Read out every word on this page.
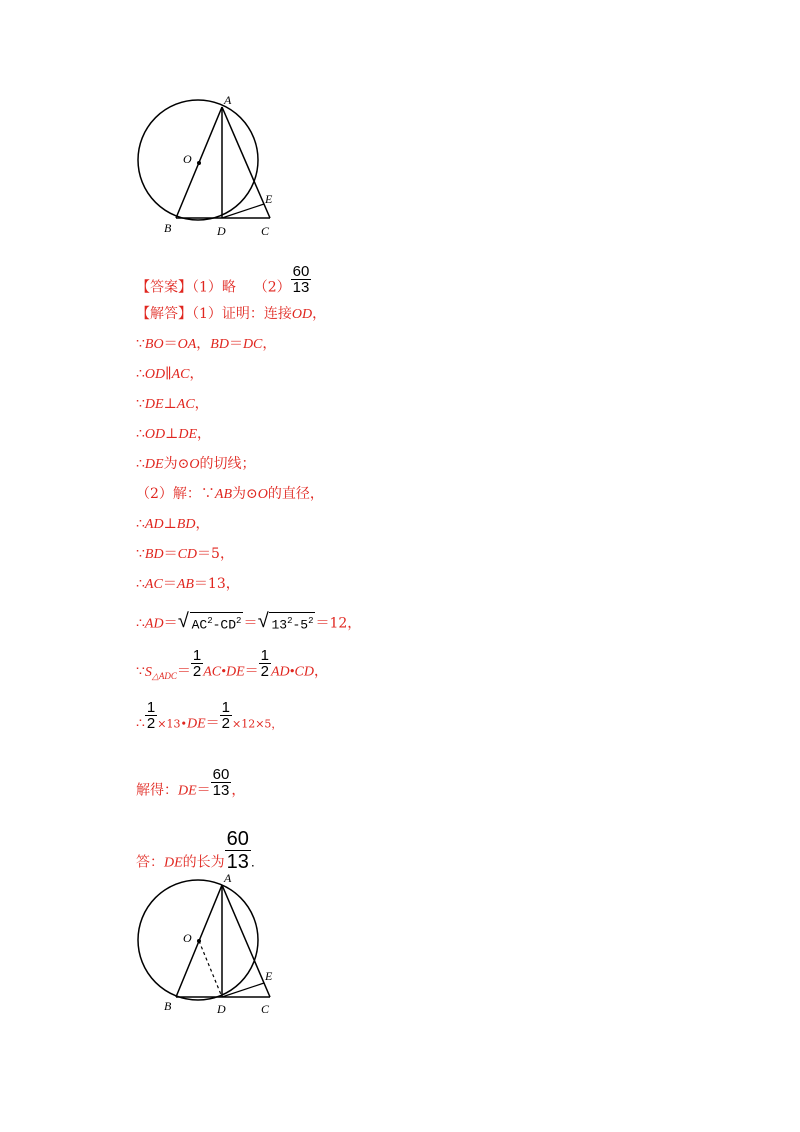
A
O
E
B	D	C
【答案】（1）略 $(2) \frac{60}{13}$
【解答】（1）证明：连接OD，
∵BO＝OA，BD＝DC，
∴OD∥AC，
∵DE⊥AC，
∴OD⊥DE，
∴DE为⊙O的切线；
（2）解：∵AB为⊙O的直径，
∴AD⊥BD，
∵BD＝CD＝5，
∴AC＝AB＝13，
∴AD＝ √ $AC^2-CD^2$ ＝ √ $13^2-5^2 =12$，
$\because S_{\triangle ADC}= \frac{1}{2}$ AC•DE＝ $\frac{1}{2}$ AD•CD，
∴ $\frac{1}{2}$ ×13•DE＝ $\frac{1}{2} \times 12\times 5$，
解得：$DE= \frac{60}{13}$ ，
答：DE的长为 $\frac{60}{13}$ .
A
O
E
B	D	C
